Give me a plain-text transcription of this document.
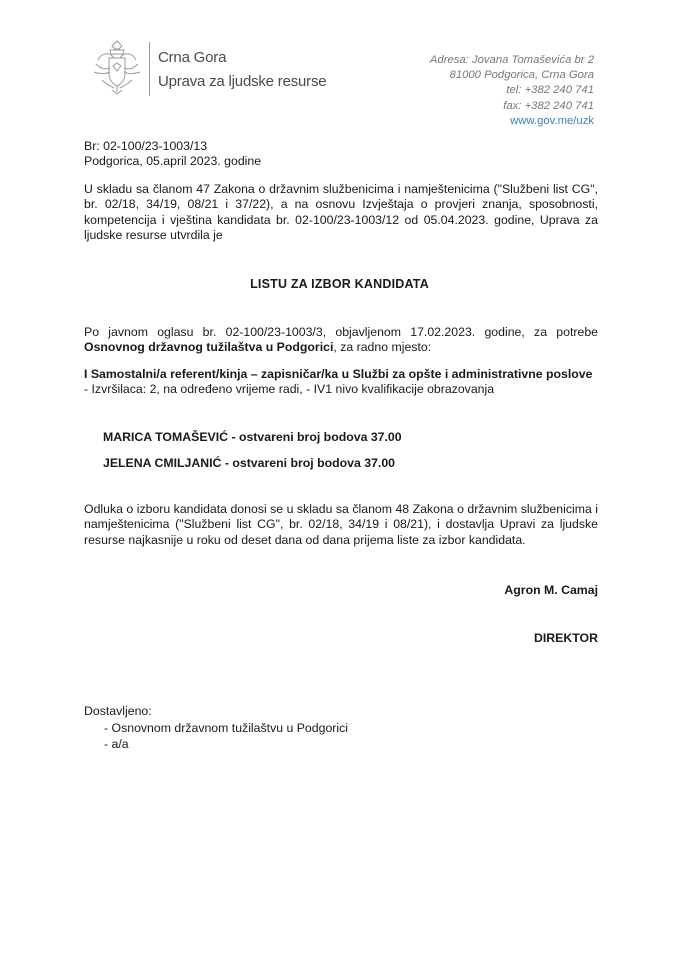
Crna Gora
Uprava za ljudske resurse
Adresa: Jovana Tomaševića br 2
81000 Podgorica, Crna Gora
tel: +382 240 741
fax: +382 240 741
www.gov.me/uzk
Br: 02-100/23-1003/13
Podgorica, 05.april 2023. godine
U skladu sa članom 47 Zakona o državnim službenicima i namještenicima ("Službeni list CG", br. 02/18, 34/19, 08/21 i 37/22), a na osnovu Izvještaja o provjeri znanja, sposobnosti, kompetencija i vještina kandidata br. 02-100/23-1003/12 od 05.04.2023. godine, Uprava za ljudske resurse utvrdila je
LISTU ZA IZBOR KANDIDATA
Po javnom oglasu br. 02-100/23-1003/3, objavljenom 17.02.2023. godine, za potrebe Osnovnog državnog tužilaštva u Podgorici, za radno mjesto:
I Samostalni/a referent/kinja – zapisničar/ka u Službi za opšte i administrativne poslove
- Izvršilaca: 2, na određeno vrijeme radi, - IV1 nivo kvalifikacije obrazovanja
MARICA TOMAŠEVIĆ - ostvareni broj bodova 37.00
JELENA CMILJANIĆ - ostvareni broj bodova 37.00
Odluka o izboru kandidata donosi se u skladu sa članom 48 Zakona o državnim službenicima i namještenicima ("Službeni list CG", br. 02/18, 34/19 i 08/21), i dostavlja Upravi za ljudske resurse najkasnije u roku od deset dana od dana prijema liste za izbor kandidata.
Agron M. Camaj
DIREKTOR
Dostavljeno:
- Osnovnom državnom tužilaštvu u Podgorici
- a/a
